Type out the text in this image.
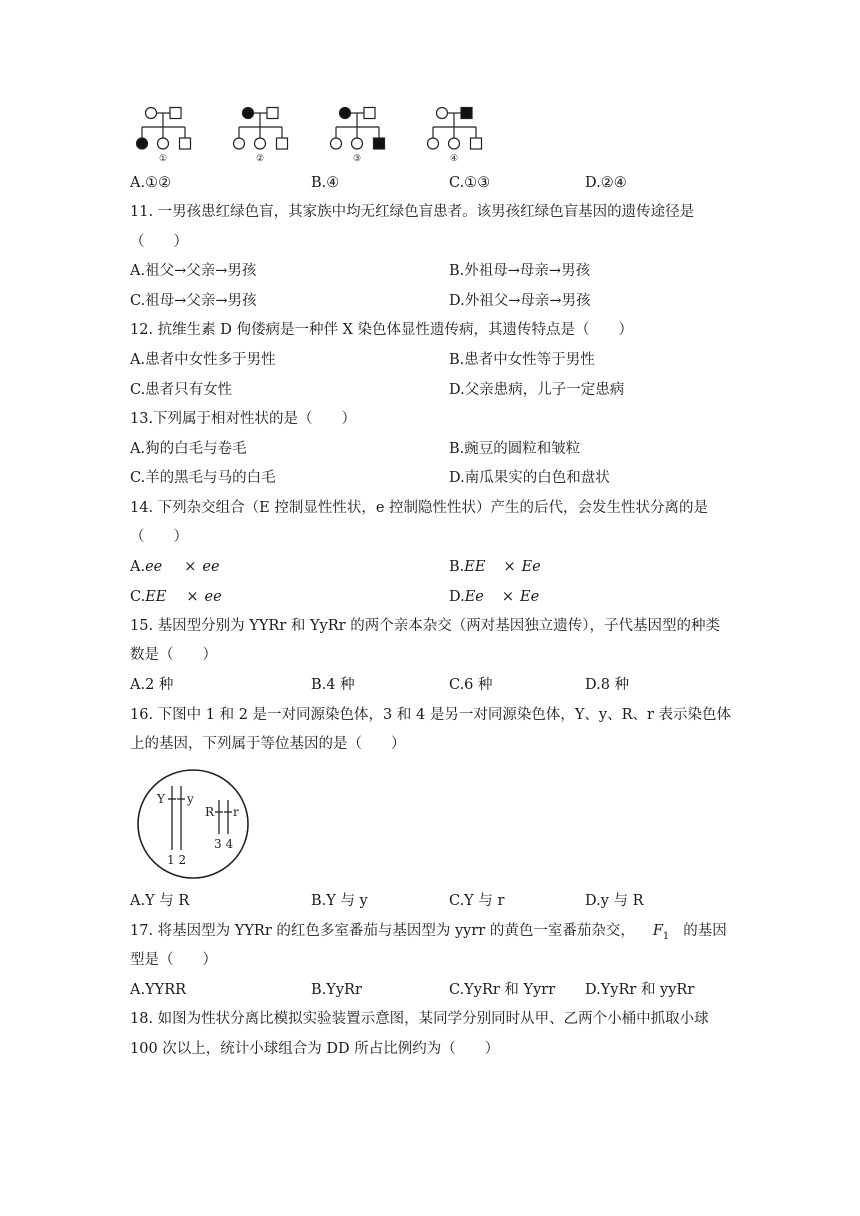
①	②	③	④
A.①②	B.④	C.①③	D.②④
11. 一男孩患红绿色盲，其家族中均无红绿色盲患者。该男孩红绿色盲基因的遗传途径是
（　　）
A.祖父→父亲→男孩	B.外祖母→母亲→男孩
C.祖母→父亲→男孩	D.外祖父→母亲→男孩
12. 抗维生素 D 佝偻病是一种伴 X 染色体显性遗传病，其遗传特点是（　　）
A.患者中女性多于男性	B.患者中女性等于男性
C.患者只有女性	D.父亲患病，儿子一定患病
13.下列属于相对性状的是（　　）
A.狗的白毛与卷毛	B.豌豆的圆粒和皱粒
C.羊的黑毛与马的白毛	D.南瓜果实的白色和盘状
14. 下列杂交组合（E 控制显性性状，e 控制隐性性状）产生的后代，会发生性状分离的是
（　　）
A.ee × ee	B.EE × Ee
C.EE × ee	D.Ee × Ee
15. 基因型分别为 YYRr 和 YyRr 的两个亲本杂交（两对基因独立遗传），子代基因型的种类
数是（　　）
A.2 种	B.4 种	C.6 种	D.8 种
16. 下图中 1 和 2 是一对同源染色体，3 和 4 是另一对同源染色体，Y、y、R、r 表示染色体
上的基因，下列属于等位基因的是（　　）
Y y
R r
1 2
3 4
A.Y 与 R	B.Y 与 y	C.Y 与 r	D.y 与 R
17. 将基因型为 YYRr 的红色多室番茄与基因型为 yyrr 的黄色一室番茄杂交， $F_1$ 的基因
型是（　　）
A.YYRR	B.YyRr	C.YyRr 和 Yyrr D.YyRr 和 yyRr
18. 如图为性状分离比模拟实验装置示意图，某同学分别同时从甲、乙两个小桶中抓取小球
100 次以上，统计小球组合为 DD 所占比例约为（　　）
